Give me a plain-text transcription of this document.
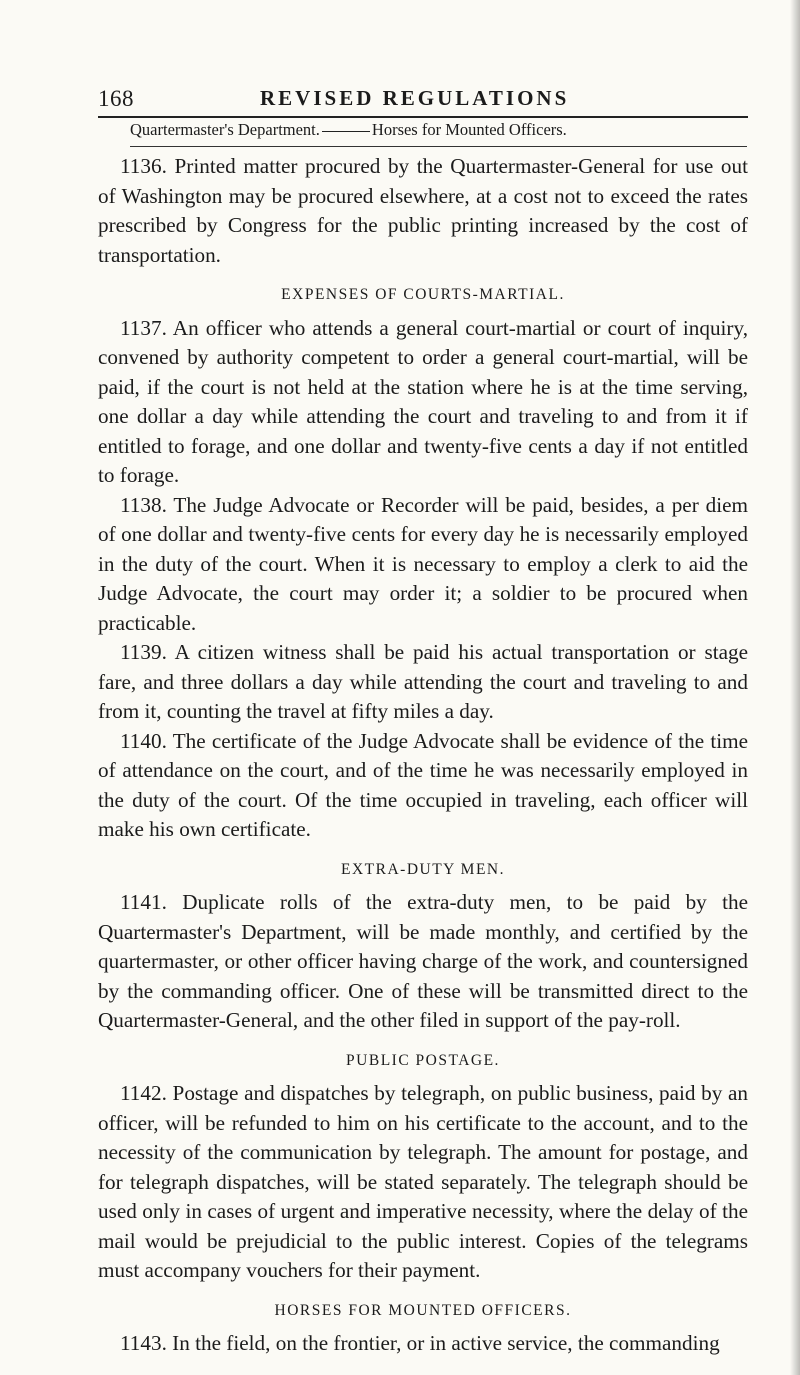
168	REVISED REGULATIONS
Quartermaster's Department.	Horses for Mounted Officers.

1136. Printed matter procured by the Quartermaster-General for use out of Washington may be procured elsewhere, at a cost not to exceed the rates prescribed by Congress for the public printing increased by the cost of transportation.

EXPENSES OF COURTS-MARTIAL.

1137. An officer who attends a general court-martial or court of inquiry, convened by authority competent to order a general court-martial, will be paid, if the court is not held at the station where he is at the time serving, one dollar a day while attending the court and traveling to and from it if entitled to forage, and one dollar and twenty-five cents a day if not entitled to forage.

1138. The Judge Advocate or Recorder will be paid, besides, a per diem of one dollar and twenty-five cents for every day he is necessarily employed in the duty of the court. When it is necessary to employ a clerk to aid the Judge Advocate, the court may order it; a soldier to be procured when practicable.

1139. A citizen witness shall be paid his actual transportation or stage fare, and three dollars a day while attending the court and traveling to and from it, counting the travel at fifty miles a day.

1140. The certificate of the Judge Advocate shall be evidence of the time of attendance on the court, and of the time he was necessarily employed in the duty of the court. Of the time occupied in traveling, each officer will make his own certificate.

EXTRA-DUTY MEN.

1141. Duplicate rolls of the extra-duty men, to be paid by the Quartermaster's Department, will be made monthly, and certified by the quartermaster, or other officer having charge of the work, and countersigned by the commanding officer. One of these will be transmitted direct to the Quartermaster-General, and the other filed in support of the pay-roll.

PUBLIC POSTAGE.

1142. Postage and dispatches by telegraph, on public business, paid by an officer, will be refunded to him on his certificate to the account, and to the necessity of the communication by telegraph. The amount for postage, and for telegraph dispatches, will be stated separately. The telegraph should be used only in cases of urgent and imperative necessity, where the delay of the mail would be prejudicial to the public interest. Copies of the telegrams must accompany vouchers for their payment.

HORSES FOR MOUNTED OFFICERS.

1143. In the field, on the frontier, or in active service, the commanding
